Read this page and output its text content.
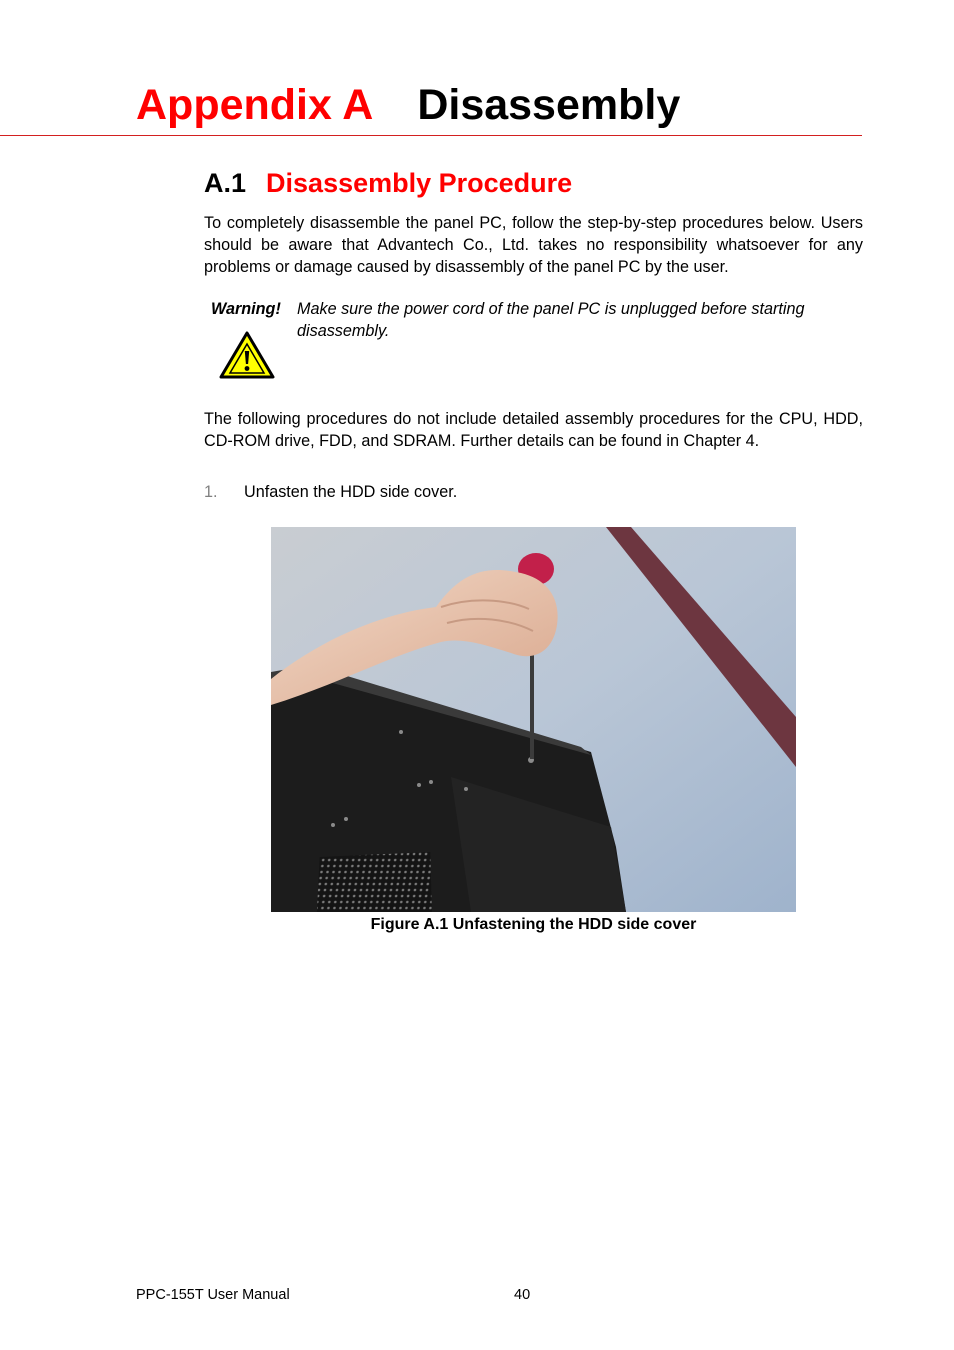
Appendix A Disassembly
A.1 Disassembly Procedure

To completely disassemble the panel PC, follow the step-by-step procedures below. Users should be aware that Advantech Co., Ltd. takes no responsibility whatsoever for any problems or damage caused by disassembly of the panel PC by the user.

Warning! Make sure the power cord of the panel PC is unplugged before starting disassembly.

The following procedures do not include detailed assembly procedures for the CPU, HDD, CD-ROM drive, FDD, and SDRAM. Further details can be found in Chapter 4.

1. Unfasten the HDD side cover.
Figure A.1 Unfastening the HDD side cover
PPC-155T User Manual	40
